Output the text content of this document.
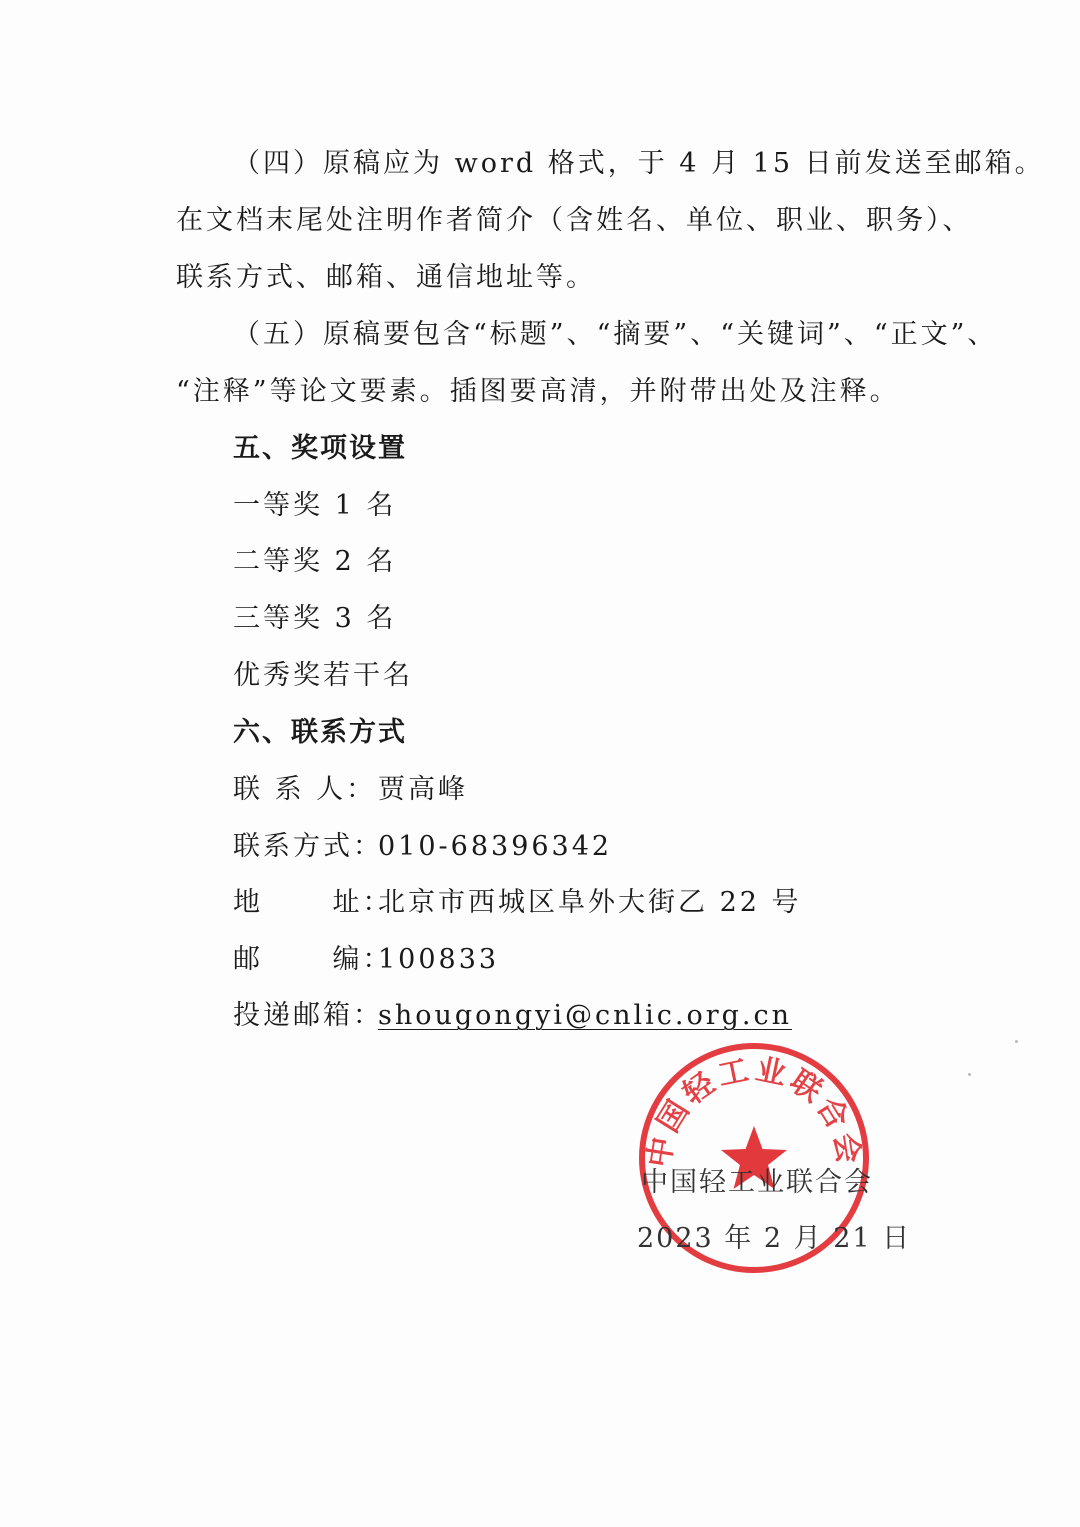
（四）原稿应为 word 格式，于 4 月 15 日前发送至邮箱。
在文档末尾处注明作者简介（含姓名、单位、职业、职务）、
联系方式、邮箱、通信地址等。
（五）原稿要包含“标题”、“摘要”、“关键词”、“正文”、
“注释”等论文要素。插图要高清，并附带出处及注释。
五、奖项设置
一等奖 1 名
二等奖 2 名
三等奖 3 名
优秀奖若干名
六、联系方式
联 系 人： 贾高峰
联系方式：
010-68396342
地      址：
北京市西城区阜外大街乙 22 号
邮      编：
100833
投递邮箱：
shougongyi@cnlic.org.cn
中国轻工业联合会
中国轻工业联合会
2023 年 2 月 21 日
